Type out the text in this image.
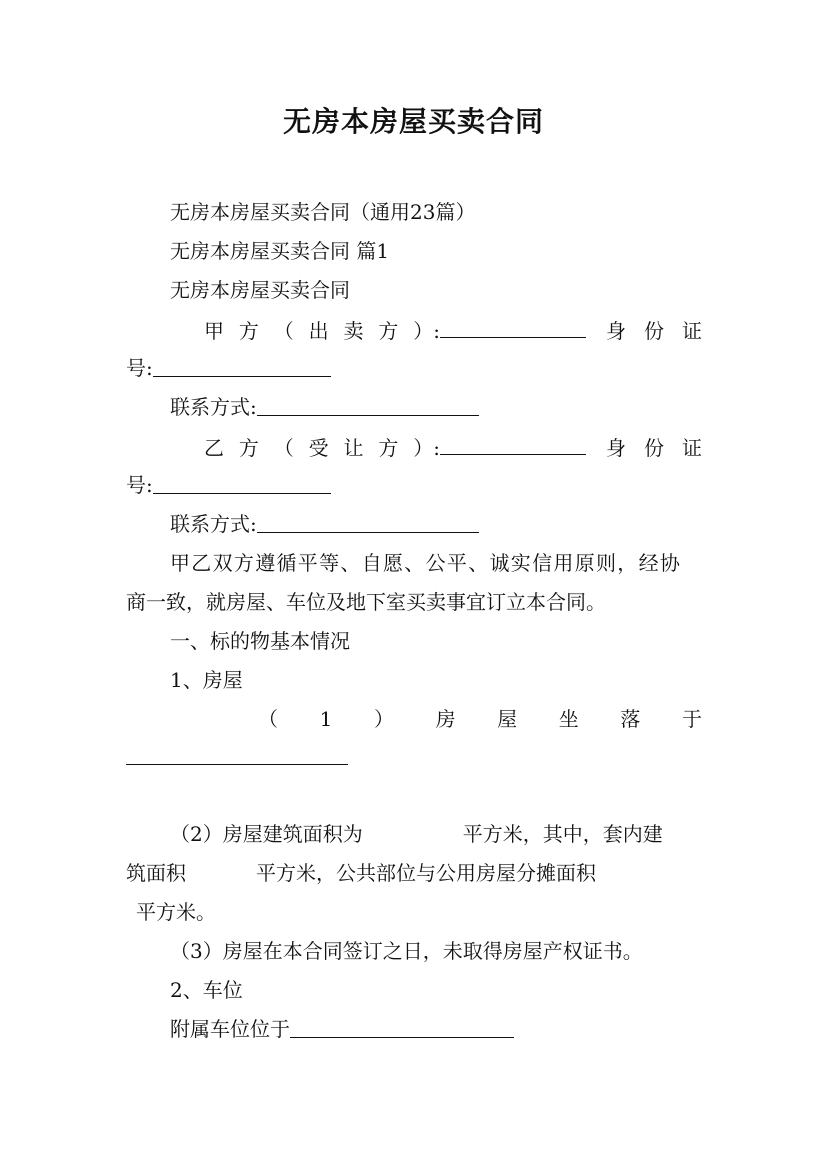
无房本房屋买卖合同
无房本房屋买卖合同（通用23篇）
无房本房屋买卖合同 篇1
无房本房屋买卖合同
甲 方 （ 出 卖 方 ）:	身 份 证
号:
联系方式:
乙 方 （ 受 让 方 ）:	身 份 证
号:
联系方式:
甲乙双方遵循平等、自愿、公平、诚实信用原则，经协
商一致，就房屋、车位及地下室买卖事宜订立本合同。
一、标的物基本情况
1、房屋
（ 1 ） 房 屋 坐 落 于
（2）房屋建筑面积为	平方米，其中，套内建
筑面积	平方米，公共部位与公用房屋分摊面积
平方米。
（3）房屋在本合同签订之日，未取得房屋产权证书。
2、车位
附属车位位于
